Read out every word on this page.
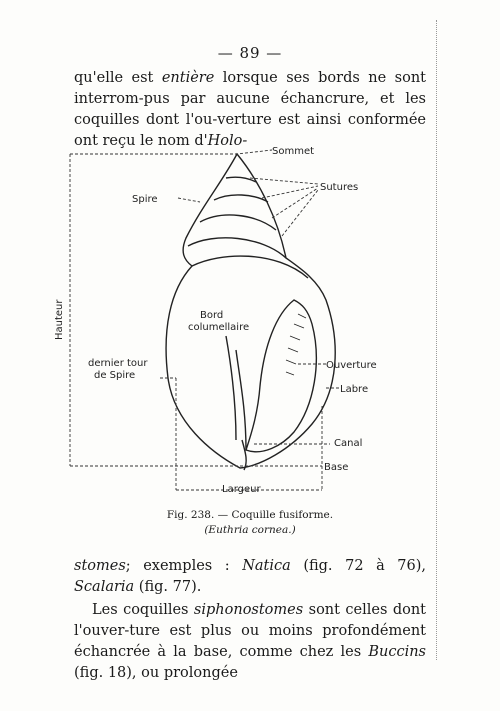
— 89 —
qu'elle est entière lorsque ses bords ne sont interrom-pus par aucune échancrure, et les coquilles dont l'ou-verture est ainsi conformée ont reçu le nom d'Holo-
Sommet
Spire
Sutures
Hauteur	Bord
columellaire
dernier tour
de Spire
Ouverture
Labre
Canal
Base
Largeur
Fig. 238. — Coquille fusiforme.
(Euthria cornea.)
stomes; exemples : Natica (fig. 72 à 76), Scalaria (fig. 77).
Les coquilles siphonostomes sont celles dont l'ouver-ture est plus ou moins profondément échancrée à la base, comme chez les Buccins (fig. 18), ou prolongée
